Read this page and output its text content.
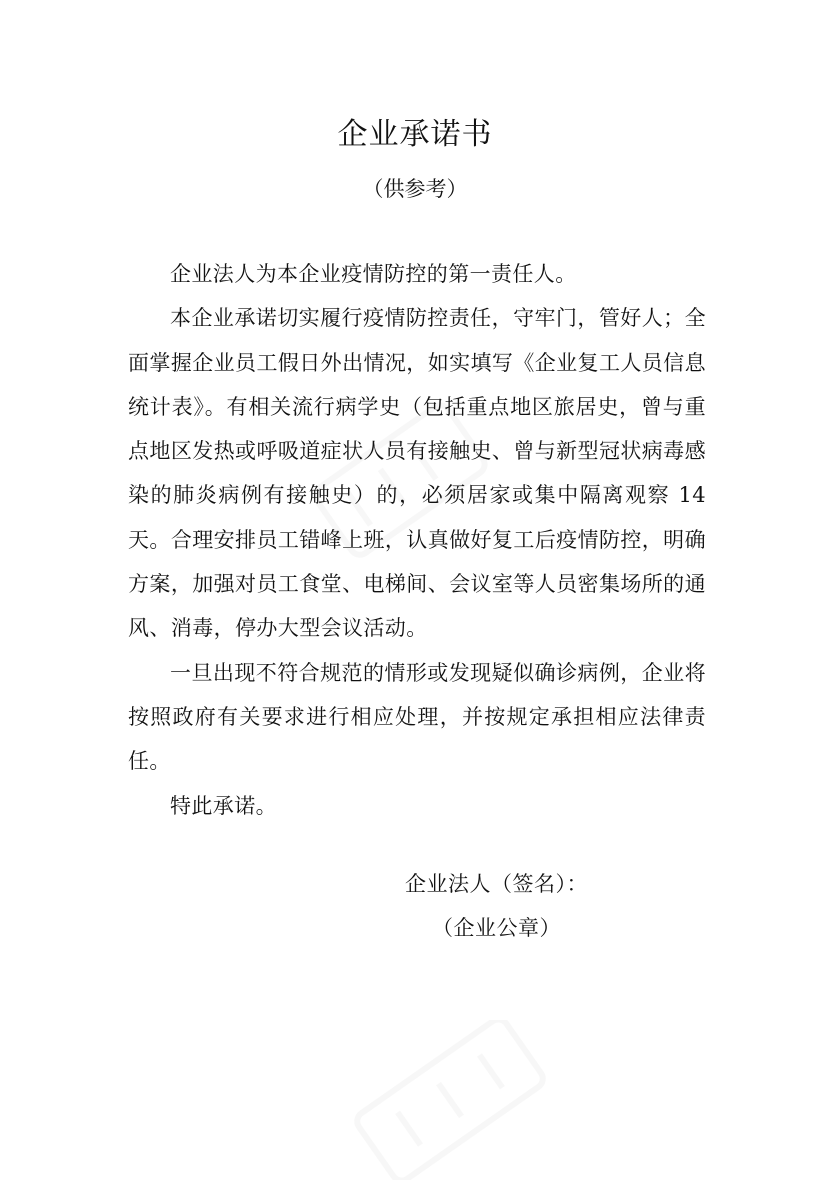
企业承诺书
（供参考）

企业法人为本企业疫情防控的第一责任人。

本企业承诺切实履行疫情防控责任，守牢门，管好人；全面掌握企业员工假日外出情况，如实填写《企业复工人员信息统计表》。有相关流行病学史（包括重点地区旅居史，曾与重点地区发热或呼吸道症状人员有接触史、曾与新型冠状病毒感染的肺炎病例有接触史）的，必须居家或集中隔离观察 14 天。合理安排员工错峰上班，认真做好复工后疫情防控，明确方案，加强对员工食堂、电梯间、会议室等人员密集场所的通风、消毒，停办大型会议活动。

一旦出现不符合规范的情形或发现疑似确诊病例，企业将按照政府有关要求进行相应处理，并按规定承担相应法律责任。

特此承诺。

企业法人（签名）：
（企业公章）
